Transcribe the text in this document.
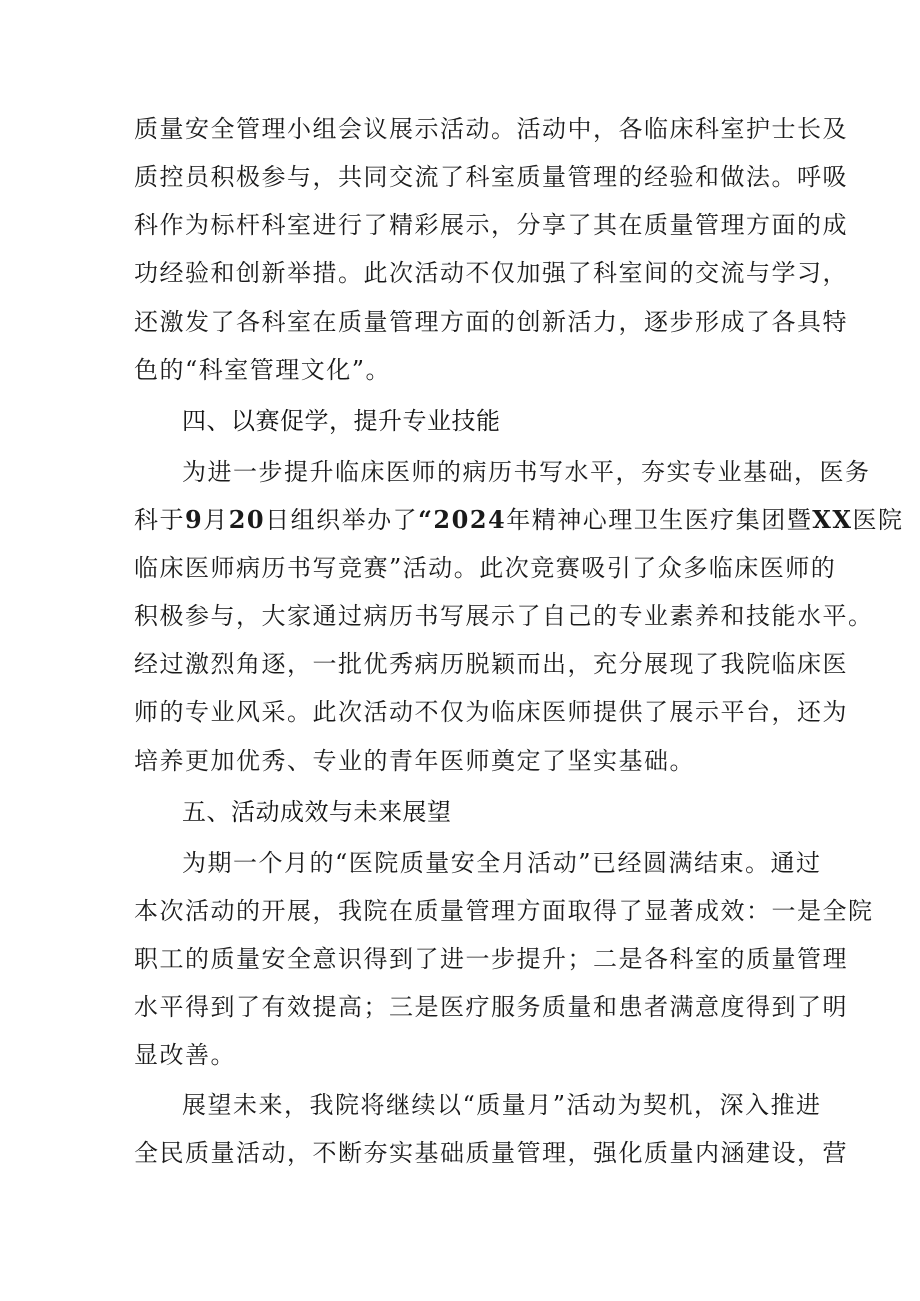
质量安全管理小组会议展示活动。活动中，各临床科室护士长及
质控员积极参与，共同交流了科室质量管理的经验和做法。呼吸
科作为标杆科室进行了精彩展示，分享了其在质量管理方面的成
功经验和创新举措。此次活动不仅加强了科室间的交流与学习，
还激发了各科室在质量管理方面的创新活力，逐步形成了各具特
色的“科室管理文化”。
四、以赛促学，提升专业技能
为进一步提升临床医师的病历书写水平，夯实专业基础，医务
科于9月20日组织举办了“2024年精神心理卫生医疗集团暨XX医院
临床医师病历书写竞赛”活动。此次竞赛吸引了众多临床医师的
积极参与，大家通过病历书写展示了自己的专业素养和技能水平。
经过激烈角逐，一批优秀病历脱颖而出，充分展现了我院临床医
师的专业风采。此次活动不仅为临床医师提供了展示平台，还为
培养更加优秀、专业的青年医师奠定了坚实基础。
五、活动成效与未来展望
为期一个月的“医院质量安全月活动”已经圆满结束。通过
本次活动的开展，我院在质量管理方面取得了显著成效：一是全院
职工的质量安全意识得到了进一步提升；二是各科室的质量管理
水平得到了有效提高；三是医疗服务质量和患者满意度得到了明
显改善。
展望未来，我院将继续以“质量月”活动为契机，深入推进
全民质量活动，不断夯实基础质量管理，强化质量内涵建设，营
